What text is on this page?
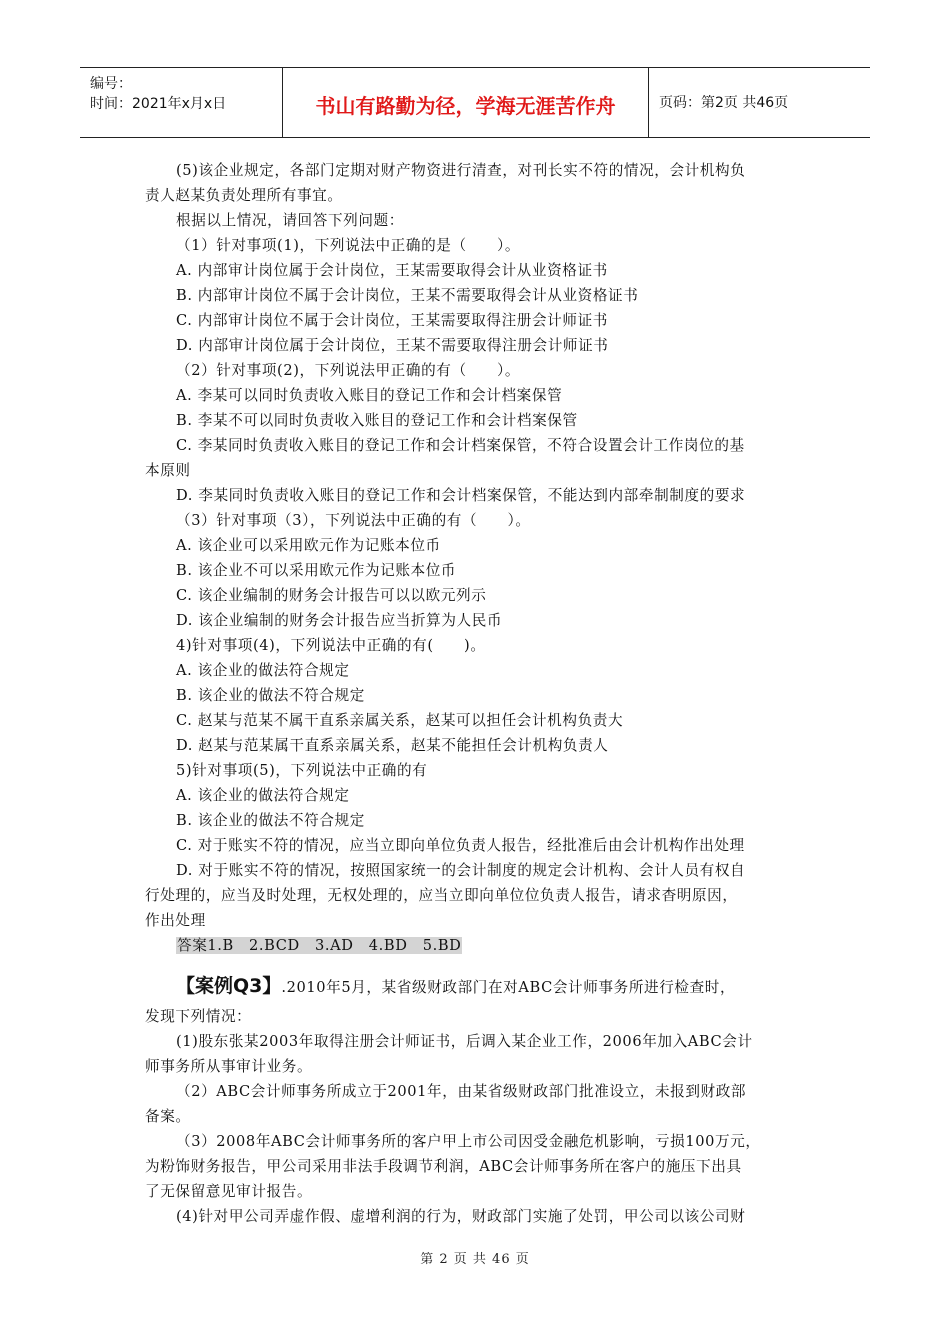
编号：
时间：2021年x月x日	书山有路勤为径，学海无涯苦作舟	页码：第2页 共46页
(5)该企业规定，各部门定期对财产物资进行清查，对刊长实不符的情况，会计机构负
责人赵某负责处理所有事宜。
根据以上情况，请回答下列问题：
（1）针对事项(1)，下列说法中正确的是（　　）。
A. 内部审计岗位属于会计岗位，王某需要取得会计从业资格证书
B. 内部审计岗位不属于会计岗位，王某不需要取得会计从业资格证书
C. 内部审计岗位不属于会计岗位，王某需要取得注册会计师证书
D. 内部审计岗位属于会计岗位，王某不需要取得注册会计师证书
（2）针对事项(2)，下列说法甲正确的有（　　）。
A. 李某可以同时负责收入账目的登记工作和会计档案保管
B. 李某不可以同时负责收入账目的登记工作和会计档案保管
C. 李某同时负责收入账目的登记工作和会计档案保管，不符合设置会计工作岗位的基
本原则
D. 李某同时负责收入账目的登记工作和会计档案保管，不能达到内部牵制制度的要求
（3）针对事项（3），下列说法中正确的有（　　）。
A. 该企业可以采用欧元作为记账本位币
B. 该企业不可以采用欧元作为记账本位币
C. 该企业编制的财务会计报告可以以欧元列示
D. 该企业编制的财务会计报告应当折算为人民币
4)针对事项(4)，下列说法中正确的有(　　)。
A. 该企业的做法符合规定
B. 该企业的做法不符合规定
C. 赵某与范某不属干直系亲属关系，赵某可以担任会计机构负责大
D. 赵某与范某属干直系亲属关系，赵某不能担任会计机构负责人
5)针对事项(5)，下列说法中正确的有
A. 该企业的做法符合规定
B. 该企业的做法不符合规定
C. 对于账实不符的情况，应当立即向单位负责人报告，经批准后由会计机构作出处理
D. 对于账实不符的情况，按照国家统一的会计制度的规定会计机构、会计人员有权自
行处理的，应当及时处理，无权处理的，应当立即向单位位负责人报告，请求杳明原因，
作出处理
答案1.B　2.BCD　3.AD　4.BD　5.BD
【案例Q3】.2010年5月，某省级财政部门在对ABC会计师事务所进行检查时，
发现下列情况：
(1)股东张某2003年取得注册会计师证书，后调入某企业工作，2006年加入ABC会计
师事务所从事审计业务。
（2）ABC会计师事务所成立于2001年，由某省级财政部门批准设立，未报到财政部
备案。
（3）2008年ABC会计师事务所的客户甲上市公司因受金融危机影响，亏损100万元，
为粉饰财务报告，甲公司采用非法手段调节利润，ABC会计师事务所在客户的施压下出具
了无保留意见审计报告。
(4)针对甲公司弄虚作假、虚增利润的行为，财政部门实施了处罚，甲公司以该公司财
第 2 页 共 46 页
